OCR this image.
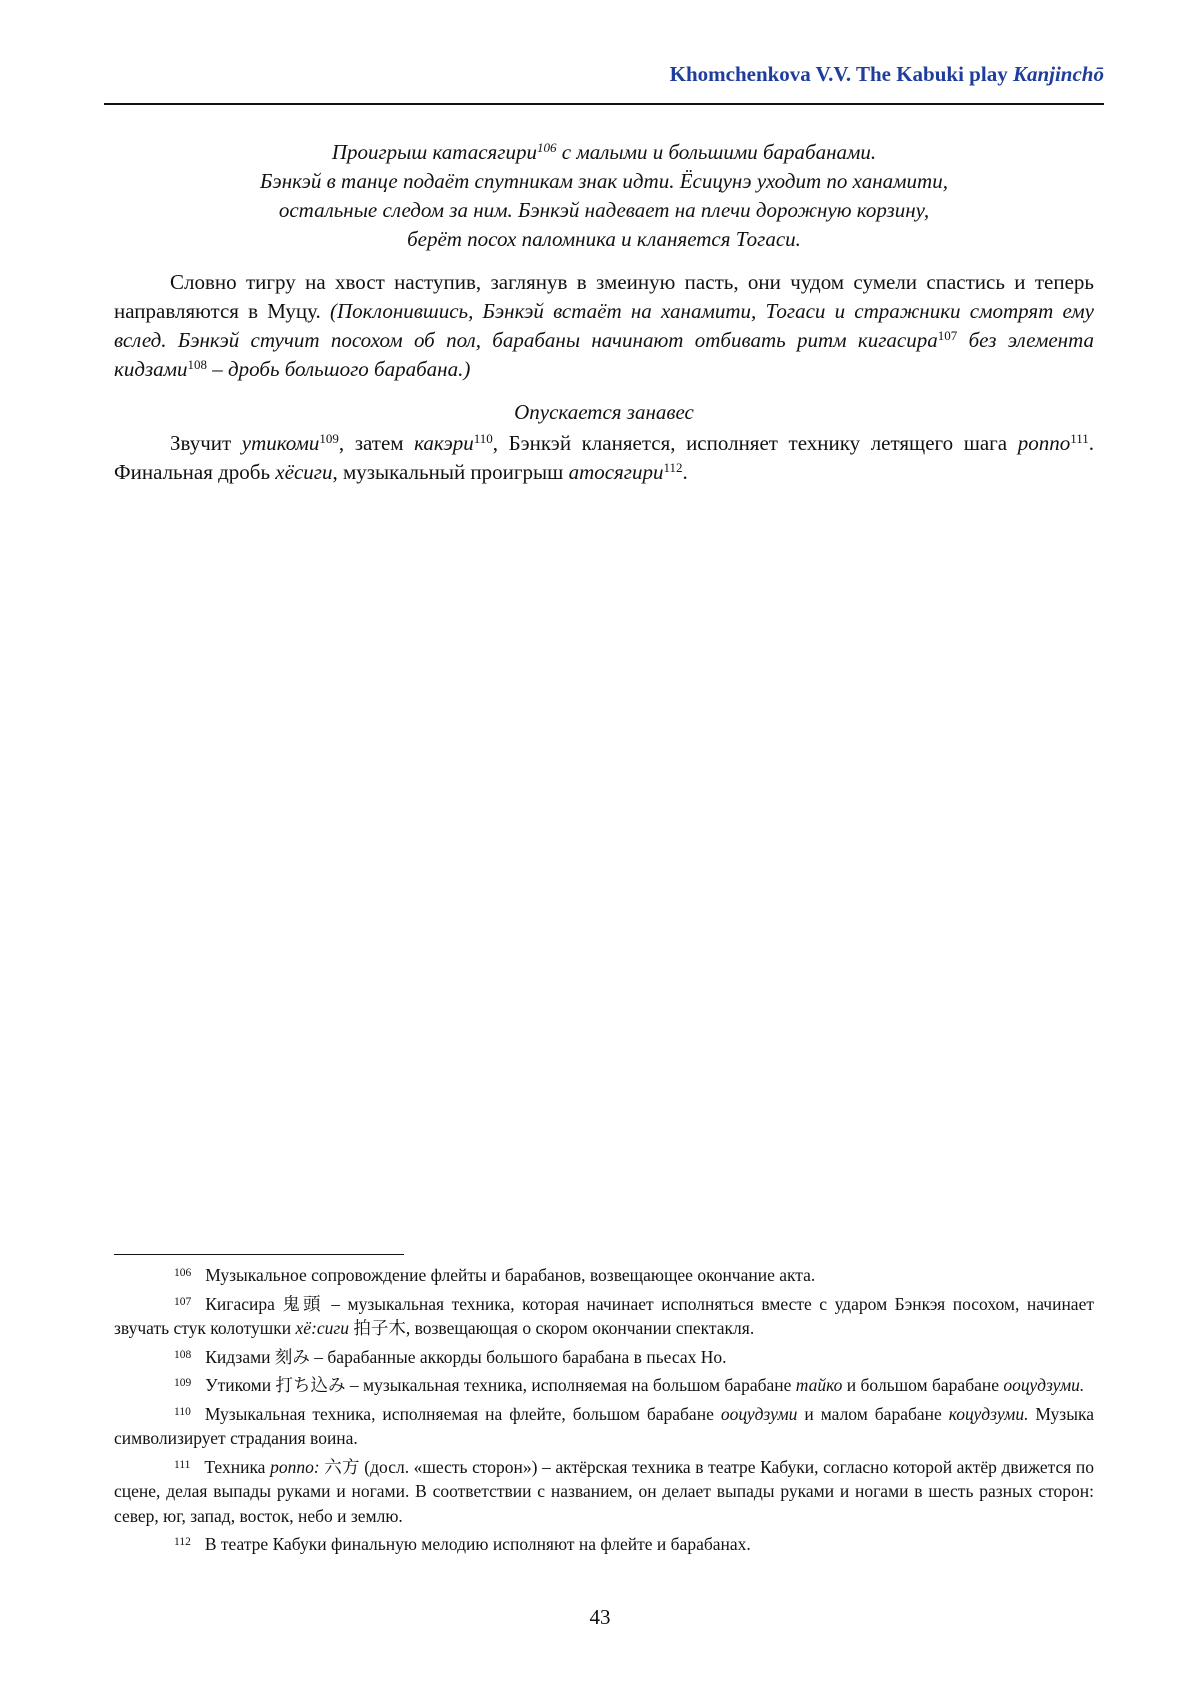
Khomchenkova V.V. The Kabuki play Kanjinchō
Проигрыш катасягири$^{106}$ с малыми и большими барабанами.
Бэнкэй в танце подаёт спутникам знак идти. Ёсицунэ уходит по ханамити,
остальные следом за ним. Бэнкэй надевает на плечи дорожную корзину,
берёт посох паломника и кланяется Тогаси.

Словно тигру на хвост наступив, заглянув в змеиную пасть, они чудом сумели спастись и теперь направляются в Муцу. (Поклонившись, Бэнкэй встаёт на ханамити, Тогаси и стражники смотрят ему вслед. Бэнкэй стучит посохом об пол, барабаны начинают отбивать ритм кигасира$^{107}$ без элемента кидзами$^{108}$ – дробь большого барабана.)

Опускается занавес

Звучит утикоми$^{109}$, затем какэри$^{110}$, Бэнкэй кланяется, исполняет технику летящего шага роппо$^{111}$. Финальная дробь хёсиги, музыкальный проигрыш атосягири$^{112}$.

$^{106}$ Музыкальное сопровождение флейты и барабанов, возвещающее окончание акта.

$^{107}$ Кигасира 鬼頭 – музыкальная техника, которая начинает исполняться вместе с ударом Бэнкэя посохом, начинает звучать стук колотушки хё:сиги 拍子木, возвещающая о скором окончании спектакля.

$^{108}$ Кидзами 刻み – барабанные аккорды большого барабана в пьесах Но.

$^{109}$ Утикоми 打ち込み – музыкальная техника, исполняемая на большом барабане тайко и большом барабане ооцудзуми.

$^{110}$ Музыкальная техника, исполняемая на флейте, большом барабане ооцудзуми и малом барабане коцудзуми. Музыка символизирует страдания воина.

$^{111}$ Техника роппо: 六方 (досл. «шесть сторон») – актёрская техника в театре Кабуки, согласно которой актёр движется по сцене, делая выпады руками и ногами. В соответствии с названием, он делает выпады руками и ногами в шесть разных сторон: север, юг, запад, восток, небо и землю.

$^{112}$ В театре Кабуки финальную мелодию исполняют на флейте и барабанах.

43
